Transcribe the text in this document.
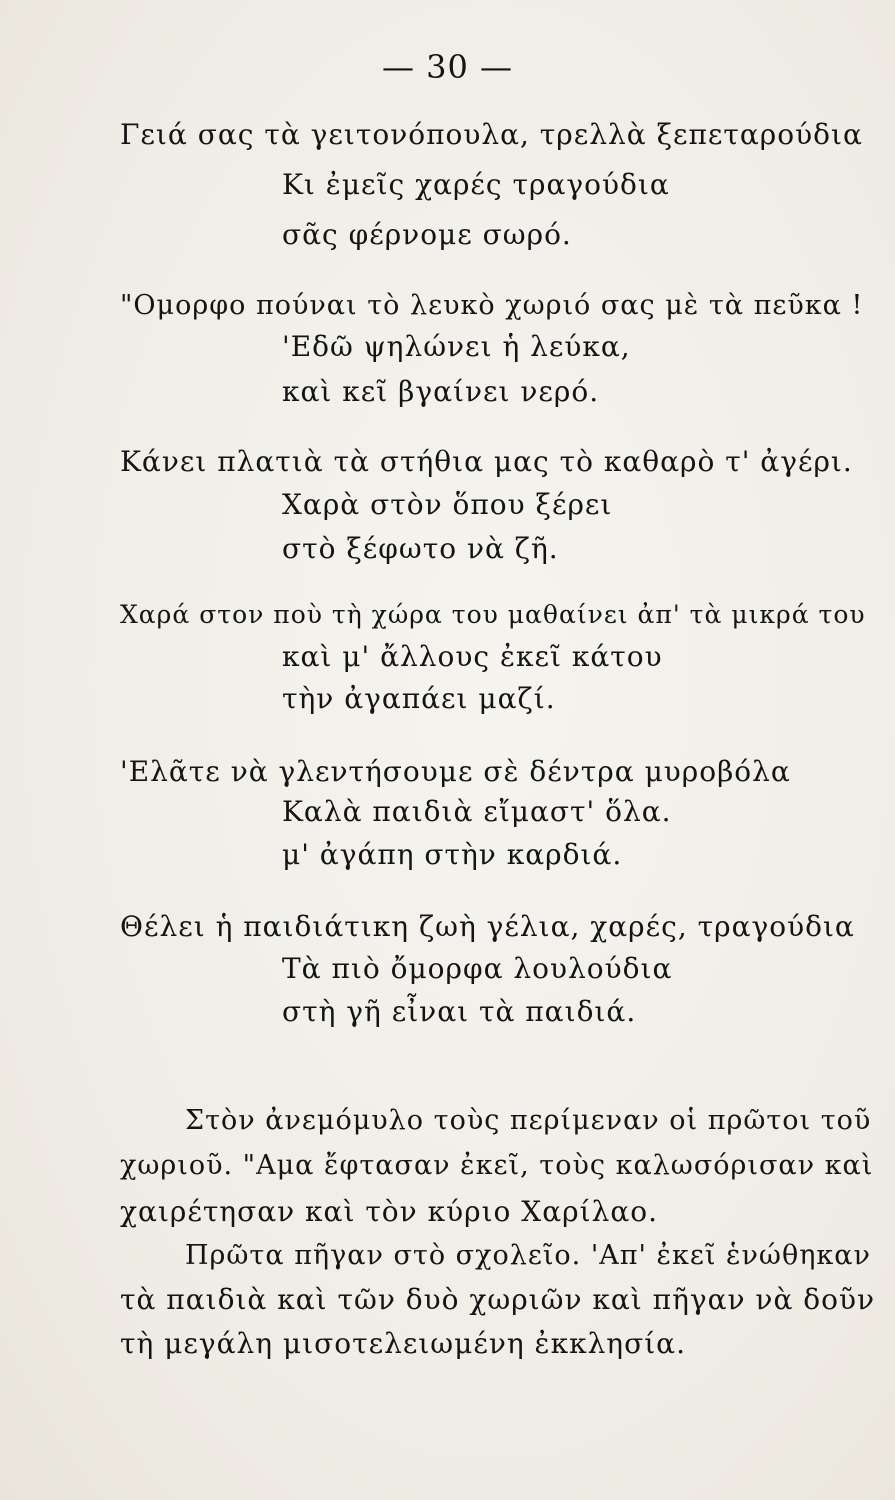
— 30 —
Γειά σας τὰ γειτονόπουλα, τρελλὰ ξεπεταρούδια
Κι ἐμεῖς χαρές τραγούδια
σᾶς φέρνομε σωρό.
"Ομορφο πούναι τὸ λευκὸ χωριό σας μὲ τὰ πεῦκα !
'Εδῶ ψηλώνει ἡ λεύκα,
καὶ κεῖ βγαίνει νερό.
Κάνει πλατιὰ τὰ στήθια μας τὸ καθαρὸ τ' ἀγέρι.
Χαρὰ στὸν ὅπου ξέρει
στὸ ξέφωτο νὰ ζῆ.
Χαρά στον ποὺ τὴ χώρα του μαθαίνει ἀπ' τὰ μικρά του
καὶ μ' ἄλλους ἐκεῖ κάτου
τὴν ἀγαπάει μαζί.
'Ελᾶτε νὰ γλεντήσουμε σὲ δέντρα μυροβόλα
Καλὰ παιδιὰ εἴμαστ' ὅλα.
μ' ἀγάπη στὴν καρδιά.
Θέλει ἡ παιδιάτικη ζωὴ γέλια, χαρές, τραγούδια
Τὰ πιὸ ὄμορφα λουλούδια
στὴ γῆ εἶναι τὰ παιδιά.
Στὸν ἀνεμόμυλο τοὺς περίμεναν οἱ πρῶτοι τοῦ
χωριοῦ. "Αμα ἔφτασαν ἐκεῖ, τοὺς καλωσόρισαν καὶ
χαιρέτησαν καὶ τὸν κύριο Χαρίλαο.
Πρῶτα πῆγαν στὸ σχολεῖο. 'Απ' ἐκεῖ ἑνώθηκαν
τὰ παιδιὰ καὶ τῶν δυὸ χωριῶν καὶ πῆγαν νὰ δοῦν
τὴ μεγάλη μισοτελειωμένη ἐκκλησία.
